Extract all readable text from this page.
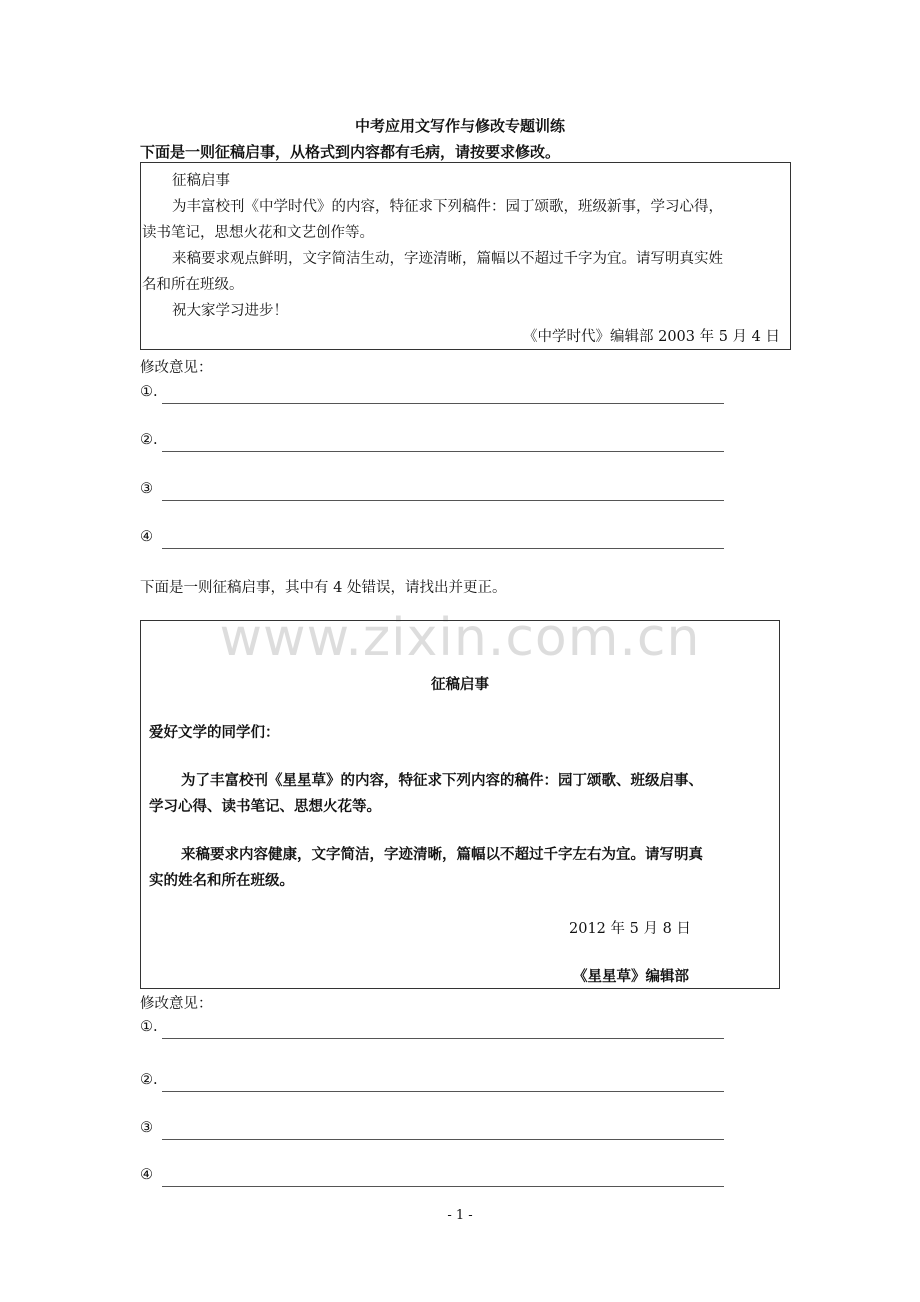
中考应用文写作与修改专题训练
下面是一则征稿启事，从格式到内容都有毛病，请按要求修改。
征稿启事
为丰富校刊《中学时代》的内容，特征求下列稿件：园丁颂歌，班级新事，学习心得，
读书笔记，思想火花和文艺创作等。
来稿要求观点鲜明，文字简洁生动，字迹清晰，篇幅以不超过千字为宜。请写明真实姓
名和所在班级。
祝大家学习进步！
《中学时代》编辑部 2003 年 5 月 4 日
修改意见：
①.
②.
③
④
下面是一则征稿启事，其中有 4 处错误，请找出并更正。
www.zixin.com.cn
征稿启事
爱好文学的同学们：
为了丰富校刊《星星草》的内容，特征求下列内容的稿件：园丁颂歌、班级启事、
学习心得、读书笔记、思想火花等。
来稿要求内容健康，文字简洁，字迹清晰，篇幅以不超过千字左右为宜。请写明真
实的姓名和所在班级。
2012 年 5 月 8 日
《星星草》编辑部
修改意见：
①.
②.
③
④
- 1 -
